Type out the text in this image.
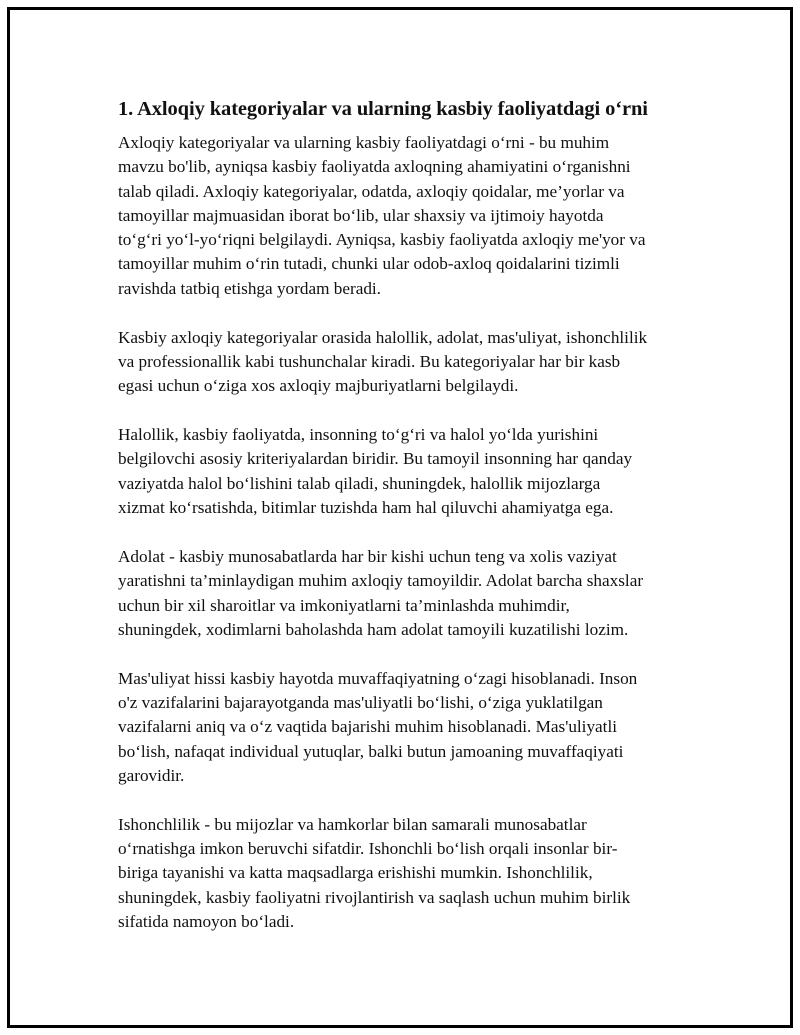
1. Axloqiy kategoriyalar va ularning kasbiy faoliyatdagi o‘rni

Axloqiy kategoriyalar va ularning kasbiy faoliyatdagi o‘rni - bu muhim
mavzu bo'lib, ayniqsa kasbiy faoliyatda axloqning ahamiyatini o‘rganishni
talab qiladi. Axloqiy kategoriyalar, odatda, axloqiy qoidalar, me’yorlar va
tamoyillar majmuasidan iborat bo‘lib, ular shaxsiy va ijtimoiy hayotda
to‘g‘ri yo‘l-yo‘riqni belgilaydi. Ayniqsa, kasbiy faoliyatda axloqiy me'yor va
tamoyillar muhim o‘rin tutadi, chunki ular odob-axloq qoidalarini tizimli
ravishda tatbiq etishga yordam beradi.

Kasbiy axloqiy kategoriyalar orasida halollik, adolat, mas'uliyat, ishonchlilik
va professionallik kabi tushunchalar kiradi. Bu kategoriyalar har bir kasb
egasi uchun o‘ziga xos axloqiy majburiyatlarni belgilaydi.

Halollik, kasbiy faoliyatda, insonning to‘g‘ri va halol yo‘lda yurishini
belgilovchi asosiy kriteriyalardan biridir. Bu tamoyil insonning har qanday
vaziyatda halol bo‘lishini talab qiladi, shuningdek, halollik mijozlarga
xizmat ko‘rsatishda, bitimlar tuzishda ham hal qiluvchi ahamiyatga ega.

Adolat - kasbiy munosabatlarda har bir kishi uchun teng va xolis vaziyat
yaratishni ta’minlaydigan muhim axloqiy tamoyildir. Adolat barcha shaxslar
uchun bir xil sharoitlar va imkoniyatlarni ta’minlashda muhimdir,
shuningdek, xodimlarni baholashda ham adolat tamoyili kuzatilishi lozim.

Mas'uliyat hissi kasbiy hayotda muvaffaqiyatning o‘zagi hisoblanadi. Inson
o'z vazifalarini bajarayotganda mas'uliyatli bo‘lishi, o‘ziga yuklatilgan
vazifalarni aniq va o‘z vaqtida bajarishi muhim hisoblanadi. Mas'uliyatli
bo‘lish, nafaqat individual yutuqlar, balki butun jamoaning muvaffaqiyati
garovidir.

Ishonchlilik - bu mijozlar va hamkorlar bilan samarali munosabatlar
o‘rnatishga imkon beruvchi sifatdir. Ishonchli bo‘lish orqali insonlar bir-
biriga tayanishi va katta maqsadlarga erishishi mumkin. Ishonchlilik,
shuningdek, kasbiy faoliyatni rivojlantirish va saqlash uchun muhim birlik
sifatida namoyon bo‘ladi.
